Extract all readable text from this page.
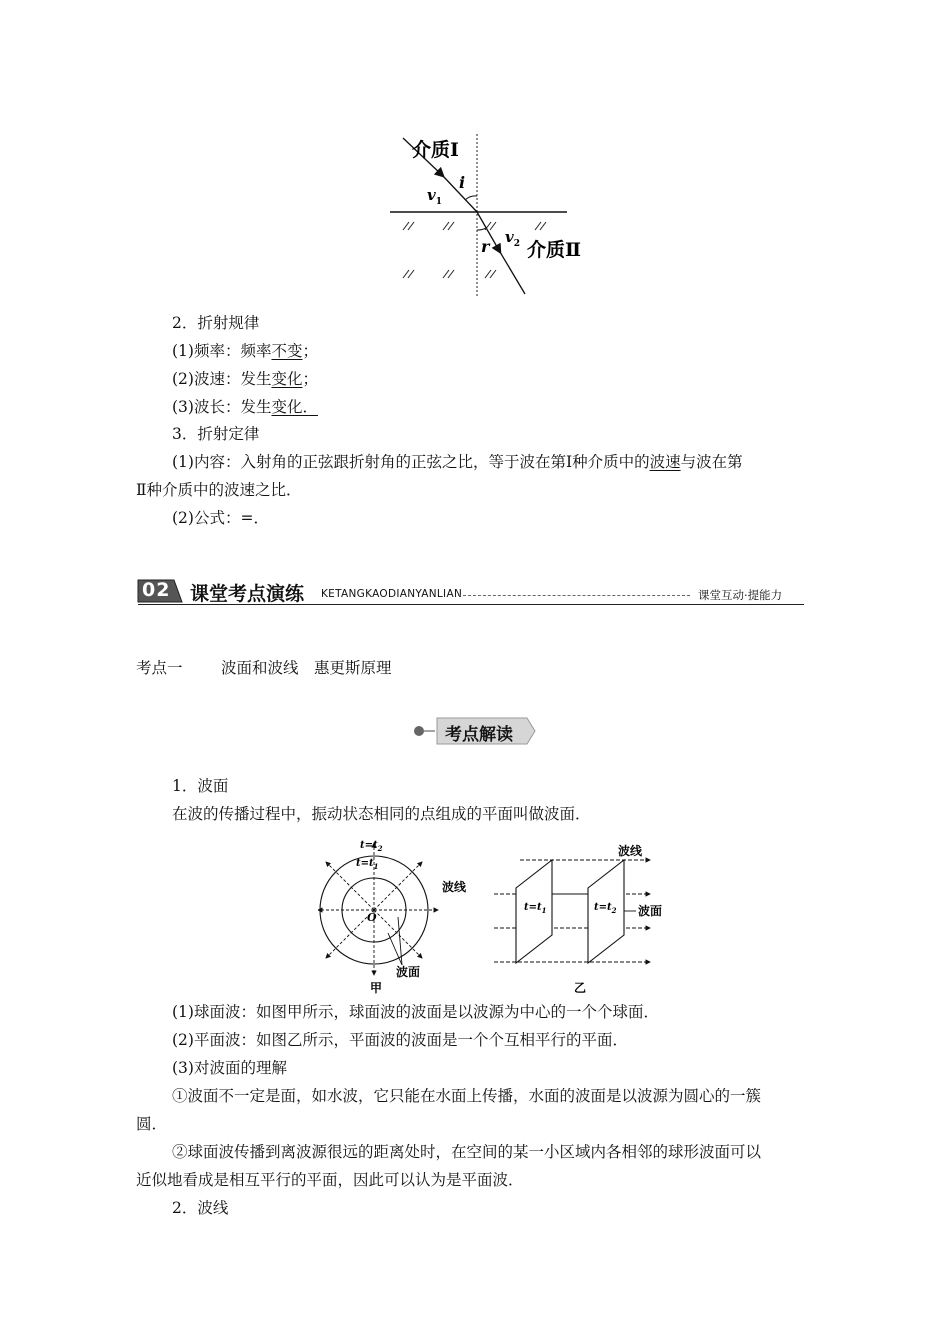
介质Ⅰ
介质Ⅱ
$v_1$
i
r $v_2$
2．折射规律
(1)频率：频率不变；
(2)波速：发生变化；
(3)波长：发生变化．
3．折射定律
(1)内容：入射角的正弦跟折射角的正弦之比，等于波在第Ⅰ种介质中的波速与波在第
Ⅱ种介质中的波速之比．
(2)公式：=．
02 课堂考点演练 KETANGKAODIANYANLIAN	课堂互动·提能力
考点一 波面和波线　惠更斯原理
考点解读
1．波面
在波的传播过程中，振动状态相同的点组成的平面叫做波面．
$t=t_2$
$t=t_1$
O
波线
波面
甲
$t=t_1$	$t=t_2$
波线
波面
乙
(1)球面波：如图甲所示，球面波的波面是以波源为中心的一个个球面．
(2)平面波：如图乙所示，平面波的波面是一个个互相平行的平面．
(3)对波面的理解
①波面不一定是面，如水波，它只能在水面上传播，水面的波面是以波源为圆心的一簇
圆．
②球面波传播到离波源很远的距离处时，在空间的某一小区域内各相邻的球形波面可以
近似地看成是相互平行的平面，因此可以认为是平面波．
2．波线
